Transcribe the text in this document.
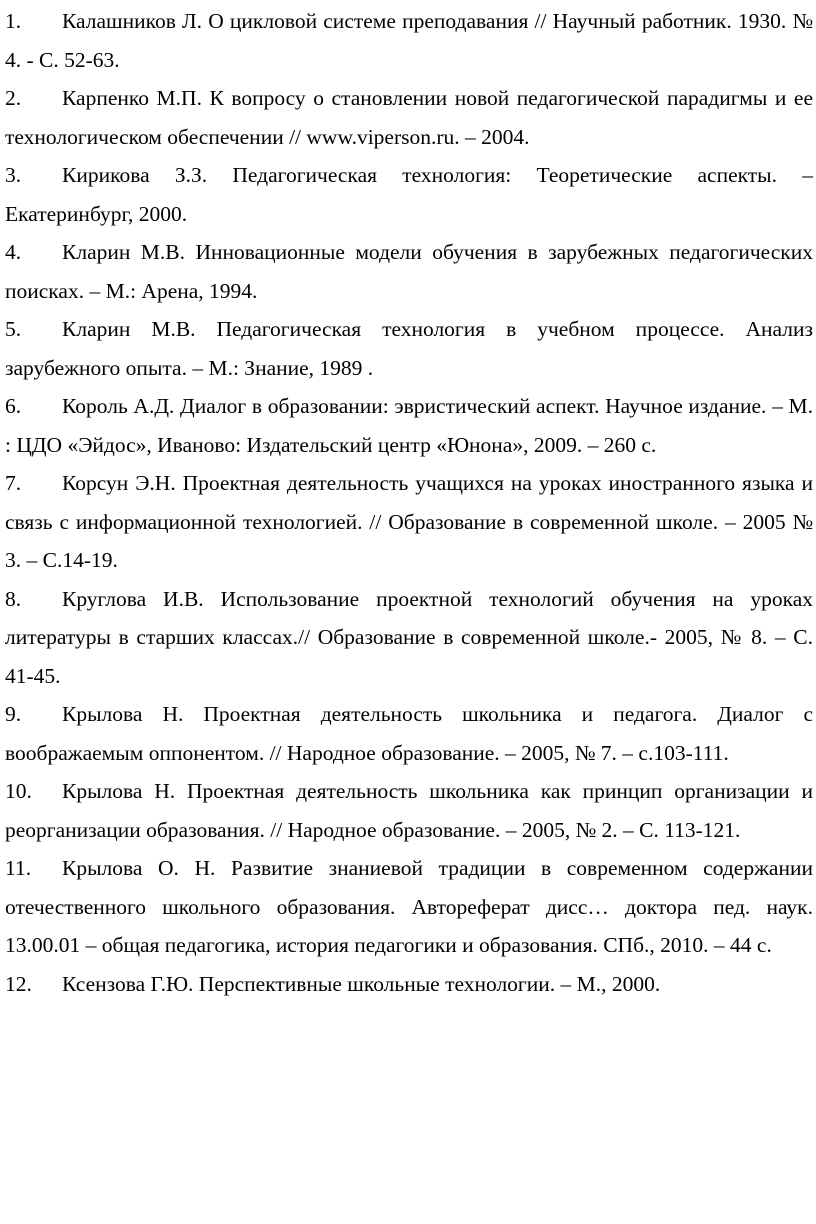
1. Калашников Л. О цикловой системе преподавания // Научный работник. 1930. № 4. - С. 52-63.
2. Карпенко М.П. К вопросу о становлении новой педагогической парадигмы и ее технологическом обеспечении // www.viperson.ru. – 2004.
3. Кирикова З.З. Педагогическая технология: Теоретические аспекты. – Екатеринбург, 2000.
4. Кларин М.В. Инновационные модели обучения в зарубежных педагогических поисках. – М.: Арена, 1994.
5. Кларин М.В. Педагогическая технология в учебном процессе. Анализ зарубежного опыта. – М.: Знание, 1989 .
6. Король А.Д. Диалог в образовании: эвристический аспект. Научное издание. – М. : ЦДО «Эйдос», Иваново: Издательский центр «Юнона», 2009. – 260 с.
7. Корсун Э.Н. Проектная деятельность учащихся на уроках иностранного языка и связь с информационной технологией. // Образование в современной школе. – 2005 № 3. – С.14-19.
8. Круглова И.В. Использование проектной технологий обучения на уроках литературы в старших классах.// Образование в современной школе.- 2005, № 8. – С. 41-45.
9. Крылова Н. Проектная деятельность школьника и педагога. Диалог с воображаемым оппонентом. // Народное образование. – 2005, № 7. – с.103-111.
10. Крылова Н. Проектная деятельность школьника как принцип организации и реорганизации образования. // Народное образование. – 2005, № 2. – С. 113-121.
11. Крылова О. Н. Развитие знаниевой традиции в современном содержании отечественного школьного образования. Автореферат дисс… доктора пед. наук. 13.00.01 – общая педагогика, история педагогики и образования. СПб., 2010. – 44 с.
12. Ксензова Г.Ю. Перспективные школьные технологии. – М., 2000.
